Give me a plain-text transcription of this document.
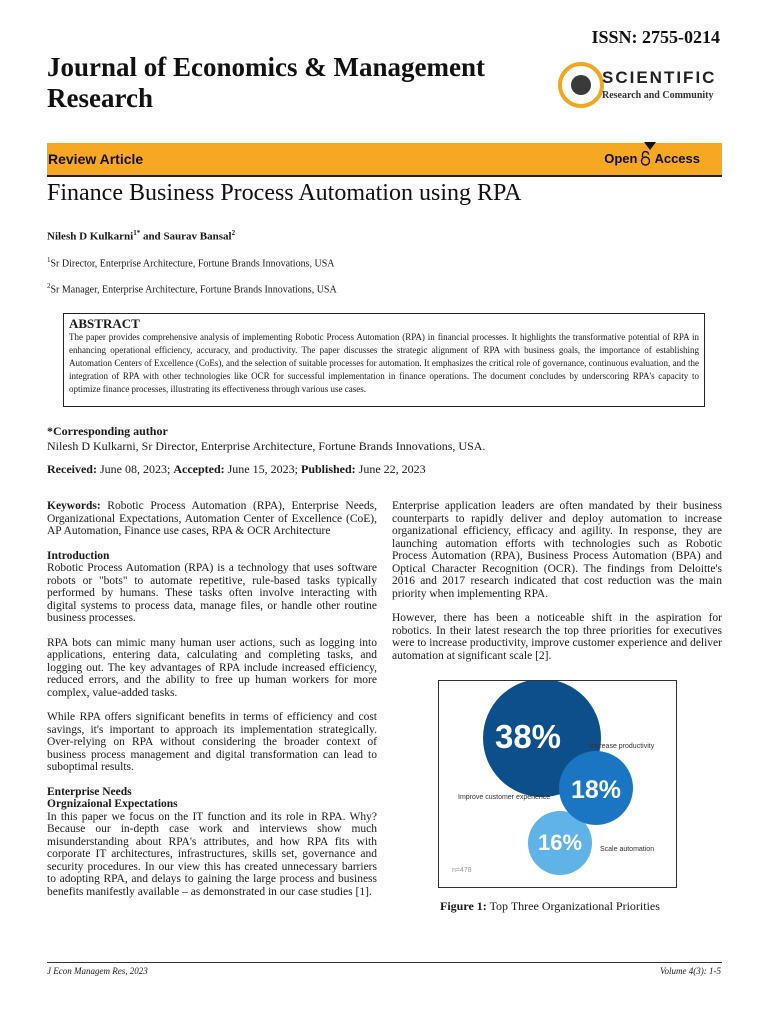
ISSN: 2755-0214
Journal of Economics & Management Research
SCIENTIFIC
Research and Community
Review Article	Open Access
Finance Business Process Automation using RPA
Nilesh D Kulkarni$^{1*}$ and Saurav Bansal$^2$
$^1$Sr Director, Enterprise Architecture, Fortune Brands Innovations, USA
$^2$Sr Manager, Enterprise Architecture, Fortune Brands Innovations, USA
ABSTRACT
The paper provides comprehensive analysis of implementing Robotic Process Automation (RPA) in financial processes. It highlights the transformative potential of RPA in enhancing operational efficiency, accuracy, and productivity. The paper discusses the strategic alignment of RPA with business goals, the importance of establishing Automation Centers of Excellence (CoEs), and the selection of suitable processes for automation. It emphasizes the critical role of governance, continuous evaluation, and the integration of RPA with other technologies like OCR for successful implementation in finance operations. The document concludes by underscoring RPA's capacity to optimize finance processes, illustrating its effectiveness through various use cases.
*Corresponding author
Nilesh D Kulkarni, Sr Director, Enterprise Architecture, Fortune Brands Innovations, USA.
Received: June 08, 2023; Accepted: June 15, 2023; Published: June 22, 2023

Keywords: Robotic Process Automation (RPA), Enterprise Needs, Organizational Expectations, Automation Center of Excellence (CoE), AP Automation, Finance use cases, RPA & OCR Architecture

Introduction

Robotic Process Automation (RPA) is a technology that uses software robots or "bots" to automate repetitive, rule-based tasks typically performed by humans. These tasks often involve interacting with digital systems to process data, manage files, or handle other routine business processes.

RPA bots can mimic many human user actions, such as logging into applications, entering data, calculating and completing tasks, and logging out. The key advantages of RPA include increased efficiency, reduced errors, and the ability to free up human workers for more complex, value-added tasks.

While RPA offers significant benefits in terms of efficiency and cost savings, it's important to approach its implementation strategically. Over-relying on RPA without considering the broader context of business process management and digital transformation can lead to suboptimal results.

Enterprise Needs

Orgnizaional Expectations

In this paper we focus on the IT function and its role in RPA. Why? Because our in-depth case work and interviews show much misunderstanding about RPA's attributes, and how RPA fits with corporate IT architectures, infrastructures, skills set, governance and security procedures. In our view this has created unnecessary barriers to adopting RPA, and delays to gaining the large process and business benefits manifestly available – as demonstrated in our case studies [1].

Enterprise application leaders are often mandated by their business counterparts to rapidly deliver and deploy automation to increase organizational efficiency, efficacy and agility. In response, they are launching automation efforts with technologies such as Robotic Process Automation (RPA), Business Process Automation (BPA) and Optical Character Recognition (OCR). The findings from Deloitte's 2016 and 2017 research indicated that cost reduction was the main priority when implementing RPA.

However, there has been a noticeable shift in the aspiration for robotics. In their latest research the top three priorities for executives were to increase productivity, improve customer experience and deliver automation at significant scale [2].

38%
18%
16%
Increase productivity
Improve customer experience
Scale automation
n=478
Figure 1: Top Three Organizational Priorities
J Econ Managem Res, 2023	Volume 4(3): 1-5
